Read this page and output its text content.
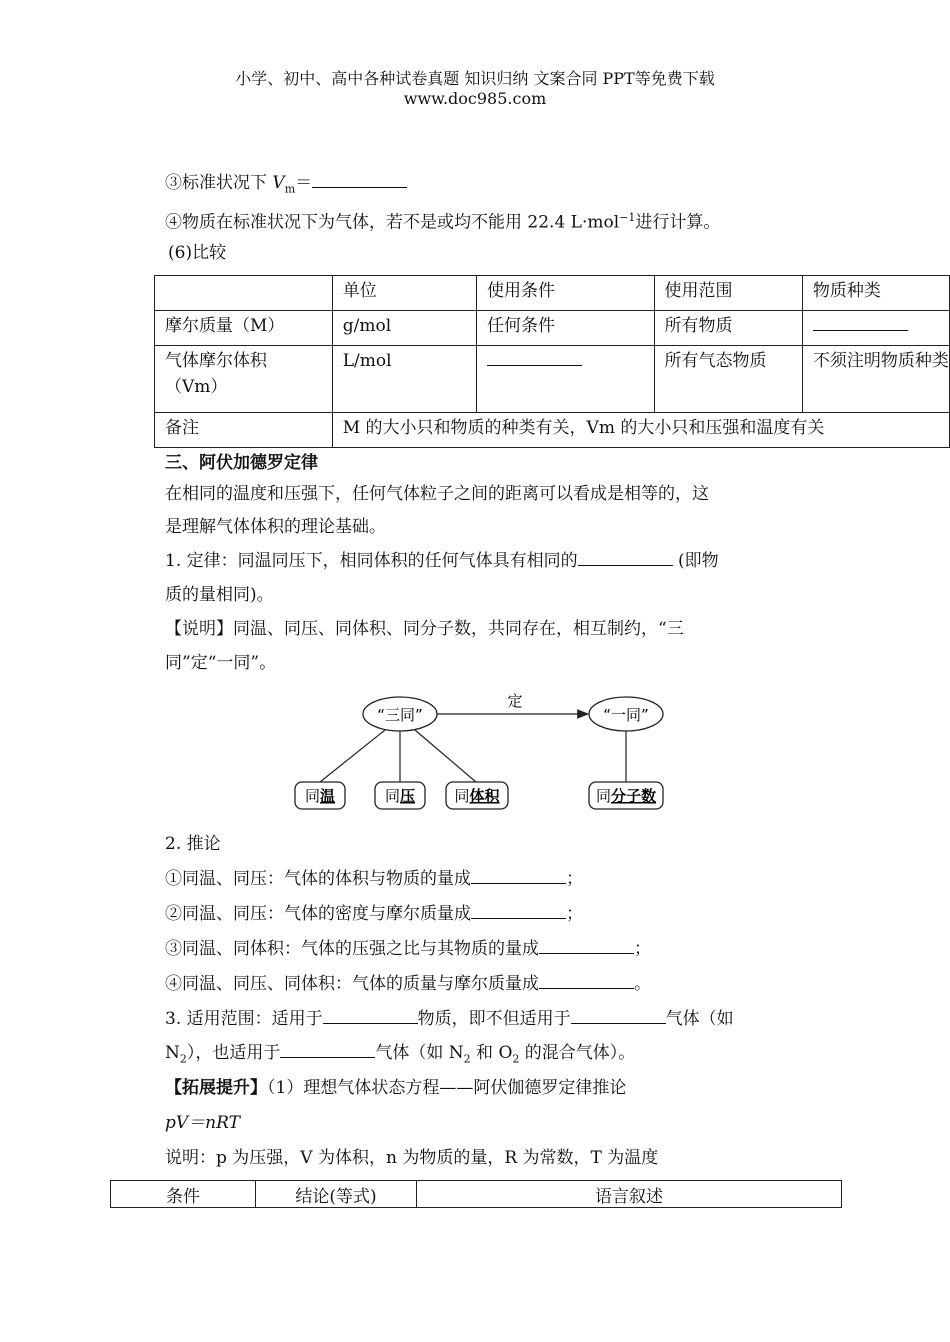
小学、初中、高中各种试卷真题 知识归纳 文案合同 PPT等免费下载
www.doc985.com
③标准状况下 $V_m=$
④物质在标准状况下为气体，若不是或均不能用 22.4 L·mol$^{-1}$进行计算。
(6)比较
	单位	使用条件	使用范围	物质种类
摩尔质量（M）	g/mol	任何条件	所有物质	

气体摩尔体积
（Vm）	L/mol		所有气态物质	不须注明物质种类
备注	M 的大小只和物质的种类有关，Vm 的大小只和压强和温度有关			
三、阿伏加德罗定律
在相同的温度和压强下，任何气体粒子之间的距离可以看成是相等的，这
是理解气体体积的理论基础。
1. 定律：同温同压下，相同体积的任何气体具有相同的	(即物
质的量相同)。
【说明】同温、同压、同体积、同分子数，共同存在，相互制约，“三
同”定“一同”。
“三同”
定
“一同”
同温	同压	同体积	同分子数
2. 推论
①同温、同压：气体的体积与物质的量成	；
②同温、同压：气体的密度与摩尔质量成	；
③同温、同体积：气体的压强之比与其物质的量成	；
④同温、同压、同体积：气体的质量与摩尔质量成	。
3. 适用范围：适用于	物质，即不但适用于	气体（如
$N_2$），也适用于	气体（如 $N_2$ 和 $O_2$ 的混合气体）。
【拓展提升】（1）理想气体状态方程——阿伏伽德罗定律推论
pV＝nRT
说明：p 为压强，V 为体积，n 为物质的量，R 为常数，T 为温度
条件	结论(等式)	语言叙述
